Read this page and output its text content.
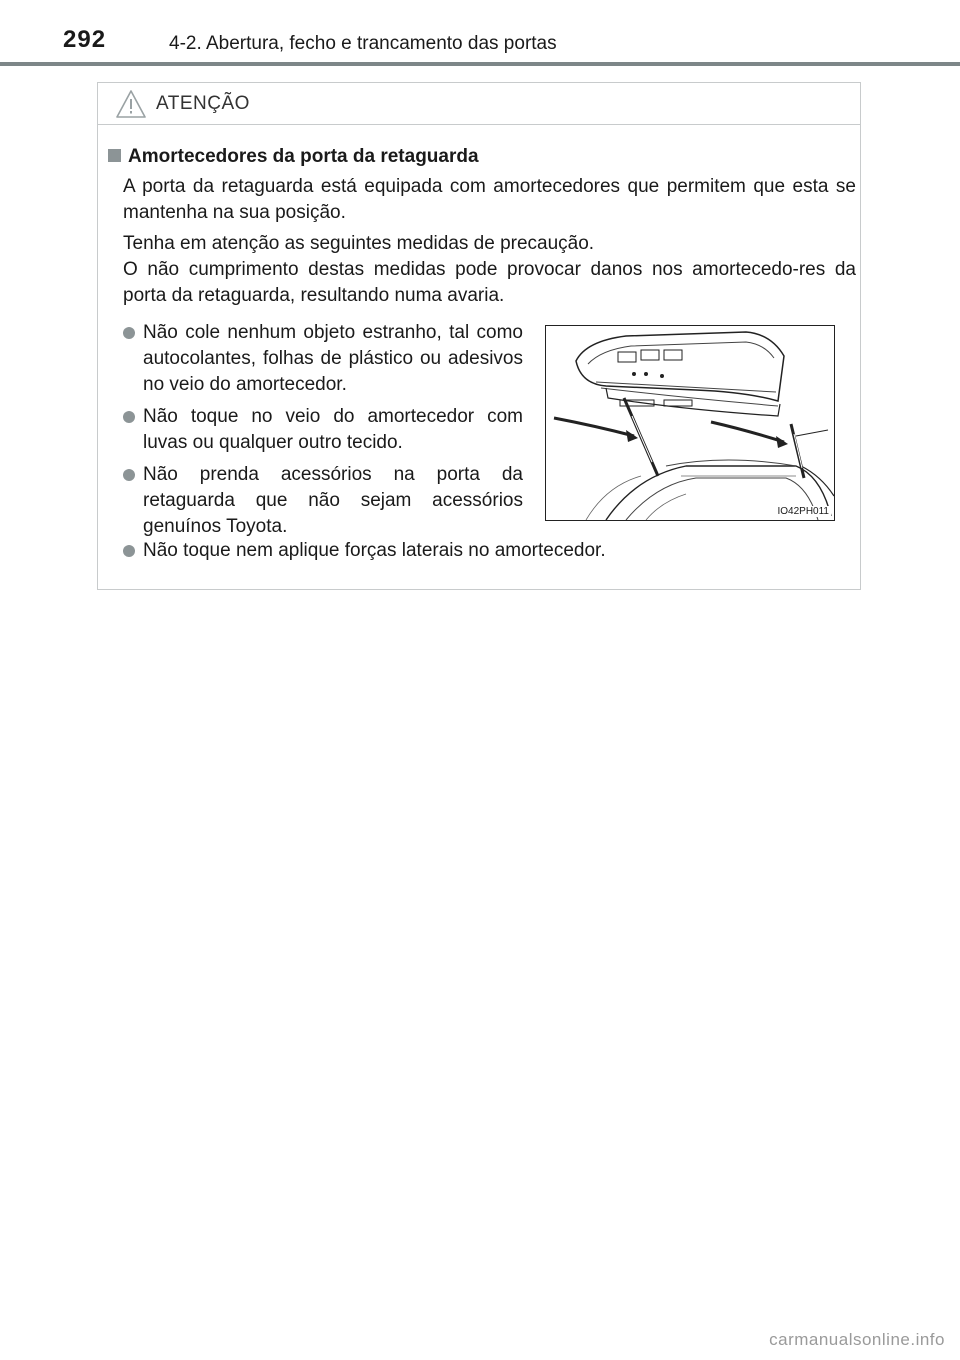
292	4-2. Abertura, fecho e trancamento das portas
ATENÇÃO
Amortecedores da porta da retaguarda

A porta da retaguarda está equipada com amortecedores que permitem que esta se mantenha na sua posição.

Tenha em atenção as seguintes medidas de precaução.

O não cumprimento destas medidas pode provocar danos nos amortecedo-res da porta da retaguarda, resultando numa avaria.

Não cole nenhum objeto estranho, tal como autocolantes, folhas de plástico ou adesivos no veio do amortecedor.
Não toque no veio do amortecedor com luvas ou qualquer outro tecido.
Não prenda acessórios na porta da retaguarda que não sejam acessórios genuínos Toyota.
IO42PH011
Não toque nem aplique forças laterais no amortecedor.
carmanualsonline.info
